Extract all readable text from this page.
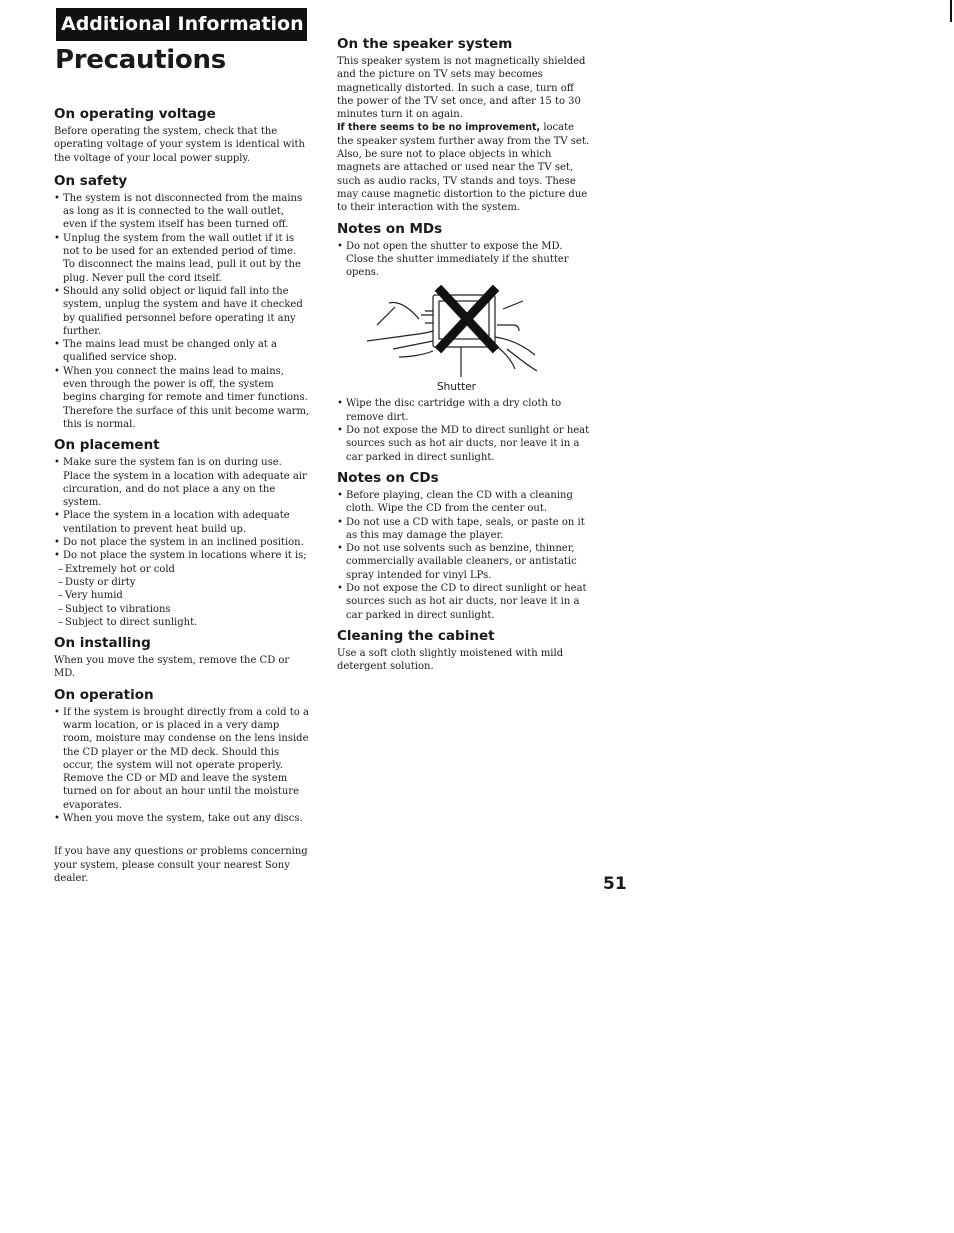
Additional Information
Precautions
On operating voltage

Before operating the system, check that the operating voltage of your system is identical with the voltage of your local power supply.

On safety
• The system is not disconnected from the mains as long as it is connected to the wall outlet, even if the system itself has been turned off.
• Unplug the system from the wall outlet if it is not to be used for an extended period of time.
To disconnect the mains lead, pull it out by the plug. Never pull the cord itself.
• Should any solid object or liquid fall into the system, unplug the system and have it checked by qualified personnel before operating it any further.
• The mains lead must be changed only at a qualified service shop.
• When you connect the mains lead to mains, even through the power is off, the system begins charging for remote and timer functions. Therefore the surface of this unit become warm, this is normal.
On placement
• Make sure the system fan is on during use. Place the system in a location with adequate air circuration, and do not place a any on the system.
• Place the system in a location with adequate ventilation to prevent heat build up.
• Do not place the system in an inclined position.
• Do not place the system in locations where it is;
– Extremely hot or cold
– Dusty or dirty
– Very humid
– Subject to vibrations
– Subject to direct sunlight.
On installing

When you move the system, remove the CD or MD.

On operation
• If the system is brought directly from a cold to a warm location, or is placed in a very damp room, moisture may condense on the lens inside the CD player or the MD deck. Should this occur, the system will not operate properly. Remove the CD or MD and leave the system turned on for about an hour until the moisture evaporates.
• When you move the system, take out any discs.

If you have any questions or problems concerning your system, please consult your nearest Sony dealer.

On the speaker system

This speaker system is not magnetically shielded and the picture on TV sets may becomes magnetically distorted. In such a case, turn off the power of the TV set once, and after 15 to 30 minutes turn it on again.

If there seems to be no improvement, locate the speaker system further away from the TV set. Also, be sure not to place objects in which magnets are attached or used near the TV set, such as audio racks, TV stands and toys. These may cause magnetic distortion to the picture due to their interaction with the system.

Notes on MDs
• Do not open the shutter to expose the MD. Close the shutter immediately if the shutter opens.
Shutter
• Wipe the disc cartridge with a dry cloth to remove dirt.
• Do not expose the MD to direct sunlight or heat sources such as hot air ducts, nor leave it in a car parked in direct sunlight.
Notes on CDs
• Before playing, clean the CD with a cleaning cloth. Wipe the CD from the center out.
• Do not use a CD with tape, seals, or paste on it as this may damage the player.
• Do not use solvents such as benzine, thinner, commercially available cleaners, or antistatic spray intended for vinyl LPs.
• Do not expose the CD to direct sunlight or heat sources such as hot air ducts, nor leave it in a car parked in direct sunlight.
Cleaning the cabinet

Use a soft cloth slightly moistened with mild detergent solution.

51
